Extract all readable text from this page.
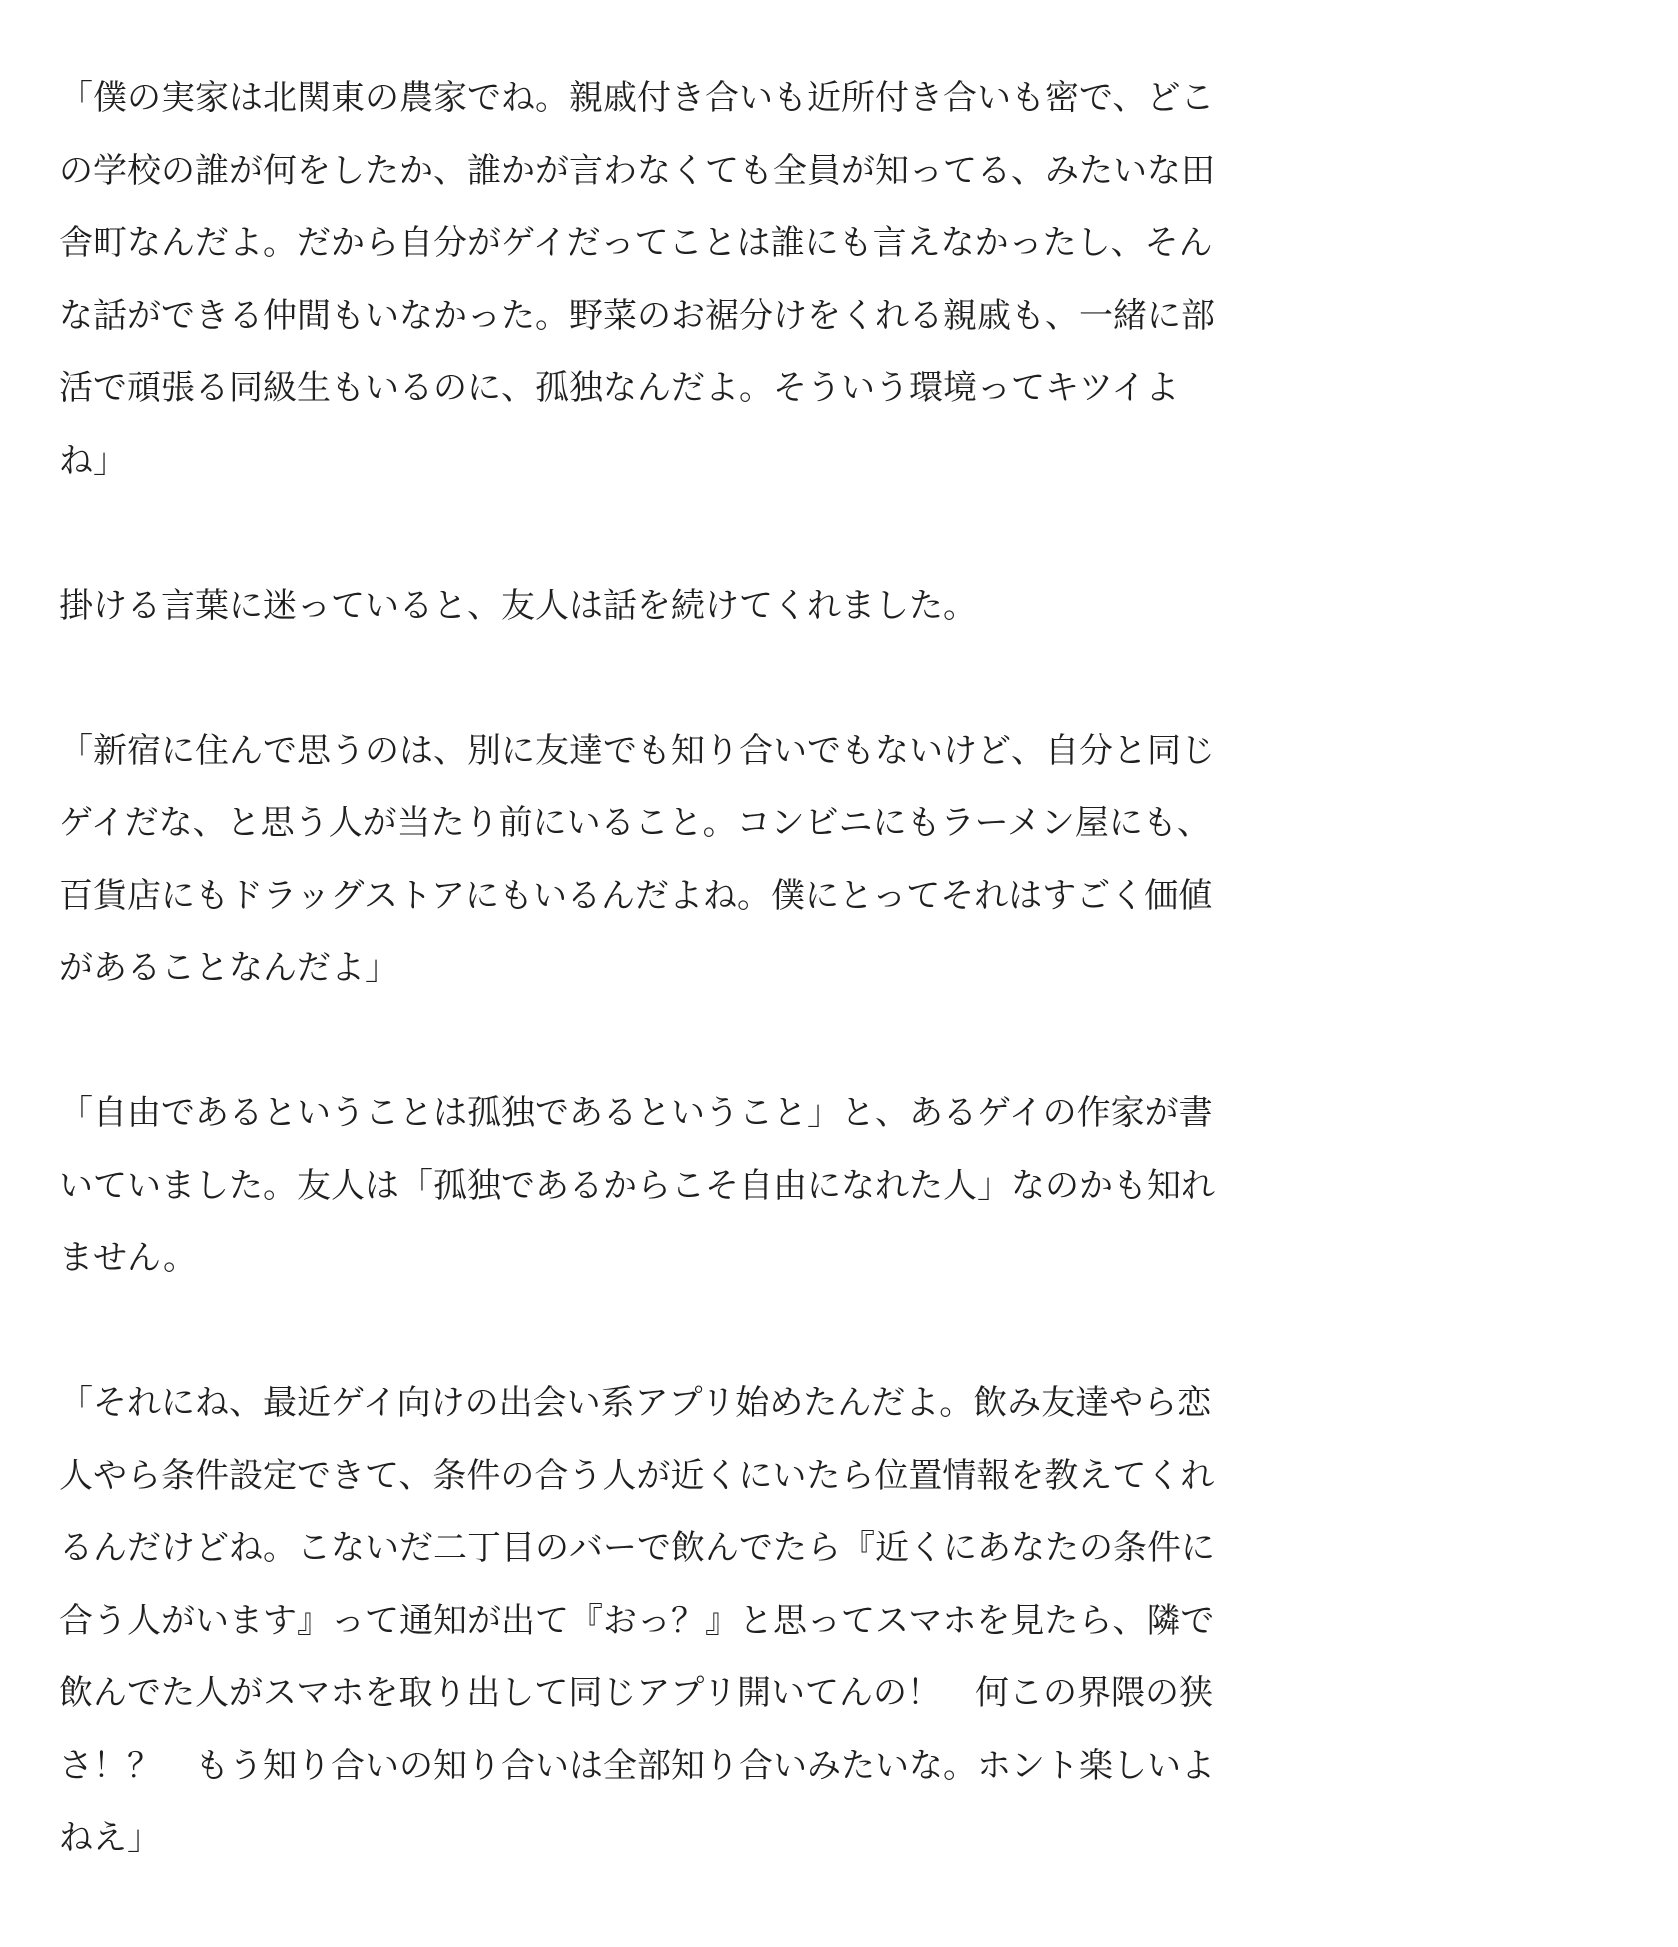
「僕の実家は北関東の農家でね。親戚付き合いも近所付き合いも密で、どこ
の学校の誰が何をしたか、誰かが言わなくても全員が知ってる、みたいな田
舎町なんだよ。だから自分がゲイだってことは誰にも言えなかったし、そん
な話ができる仲間もいなかった。野菜のお裾分けをくれる親戚も、一緒に部
活で頑張る同級生もいるのに、孤独なんだよ。そういう環境ってキツイよ
ね」

掛ける言葉に迷っていると、友人は話を続けてくれました。

「新宿に住んで思うのは、別に友達でも知り合いでもないけど、自分と同じ
ゲイだな、と思う人が当たり前にいること。コンビニにもラーメン屋にも、
百貨店にもドラッグストアにもいるんだよね。僕にとってそれはすごく価値
があることなんだよ」

「自由であるということは孤独であるということ」と、あるゲイの作家が書
いていました。友人は「孤独であるからこそ自由になれた人」なのかも知れ
ません。

「それにね、最近ゲイ向けの出会い系アプリ始めたんだよ。飲み友達やら恋
人やら条件設定できて、条件の合う人が近くにいたら位置情報を教えてくれ
るんだけどね。こないだ二丁目のバーで飲んでたら『近くにあなたの条件に
合う人がいます』って通知が出て『おっ？』と思ってスマホを見たら、隣で
飲んでた人がスマホを取り出して同じアプリ開いてんの！　何この界隈の狭
さ！？　もう知り合いの知り合いは全部知り合いみたいな。ホント楽しいよ
ねえ」
